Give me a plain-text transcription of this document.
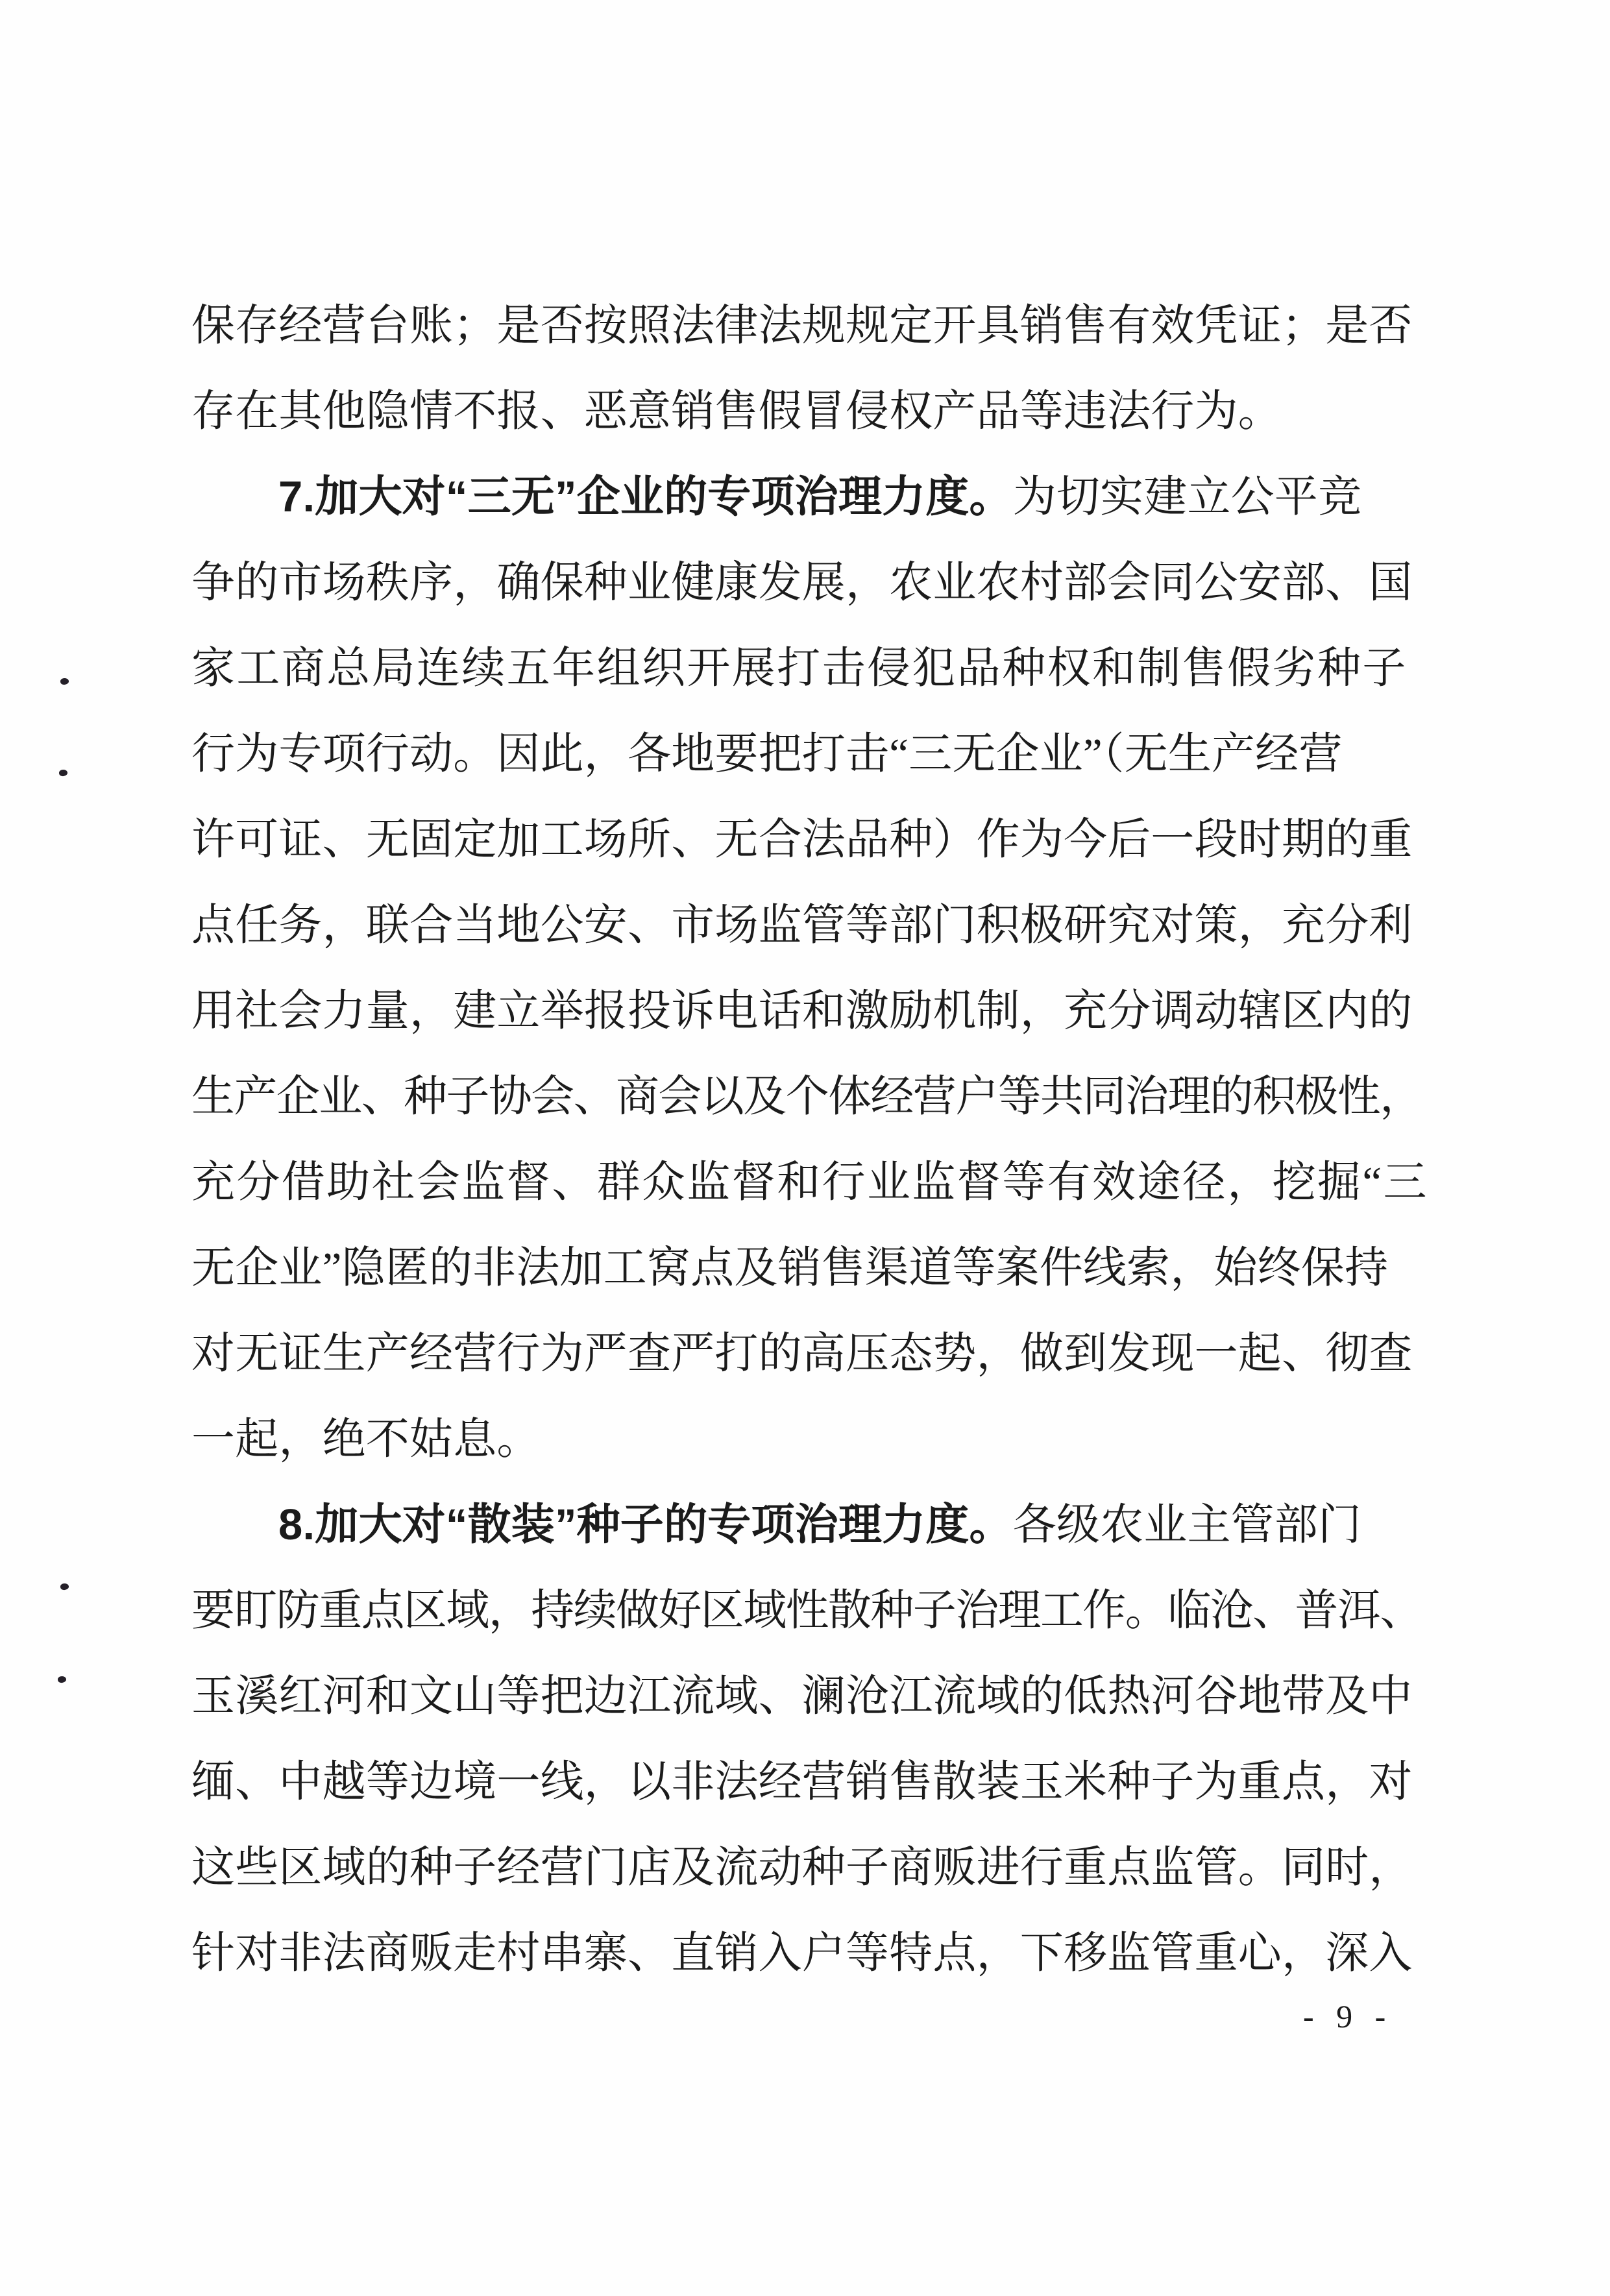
保存经营台账；是否按照法律法规规定开具销售有效凭证；是否
存在其他隐情不报、恶意销售假冒侵权产品等违法行为。
7.加大对“三无”企业的专项治理力度。为切实建立公平竞
争的市场秩序，确保种业健康发展，农业农村部会同公安部、国
家工商总局连续五年组织开展打击侵犯品种权和制售假劣种子
行为专项行动。因此，各地要把打击“三无企业”（无生产经营
许可证、无固定加工场所、无合法品种）作为今后一段时期的重
点任务，联合当地公安、市场监管等部门积极研究对策，充分利
用社会力量，建立举报投诉电话和激励机制，充分调动辖区内的
生产企业、种子协会、商会以及个体经营户等共同治理的积极性，
充分借助社会监督、群众监督和行业监督等有效途径，挖掘“三
无企业”隐匿的非法加工窝点及销售渠道等案件线索，始终保持
对无证生产经营行为严查严打的高压态势，做到发现一起、彻查
一起，绝不姑息。
8.加大对“散装”种子的专项治理力度。各级农业主管部门
要盯防重点区域，持续做好区域性散种子治理工作。临沧、普洱、
玉溪红河和文山等把边江流域、澜沧江流域的低热河谷地带及中
缅、中越等边境一线，以非法经营销售散装玉米种子为重点，对
这些区域的种子经营门店及流动种子商贩进行重点监管。同时，
针对非法商贩走村串寨、直销入户等特点，下移监管重心，深入
- 9 -
